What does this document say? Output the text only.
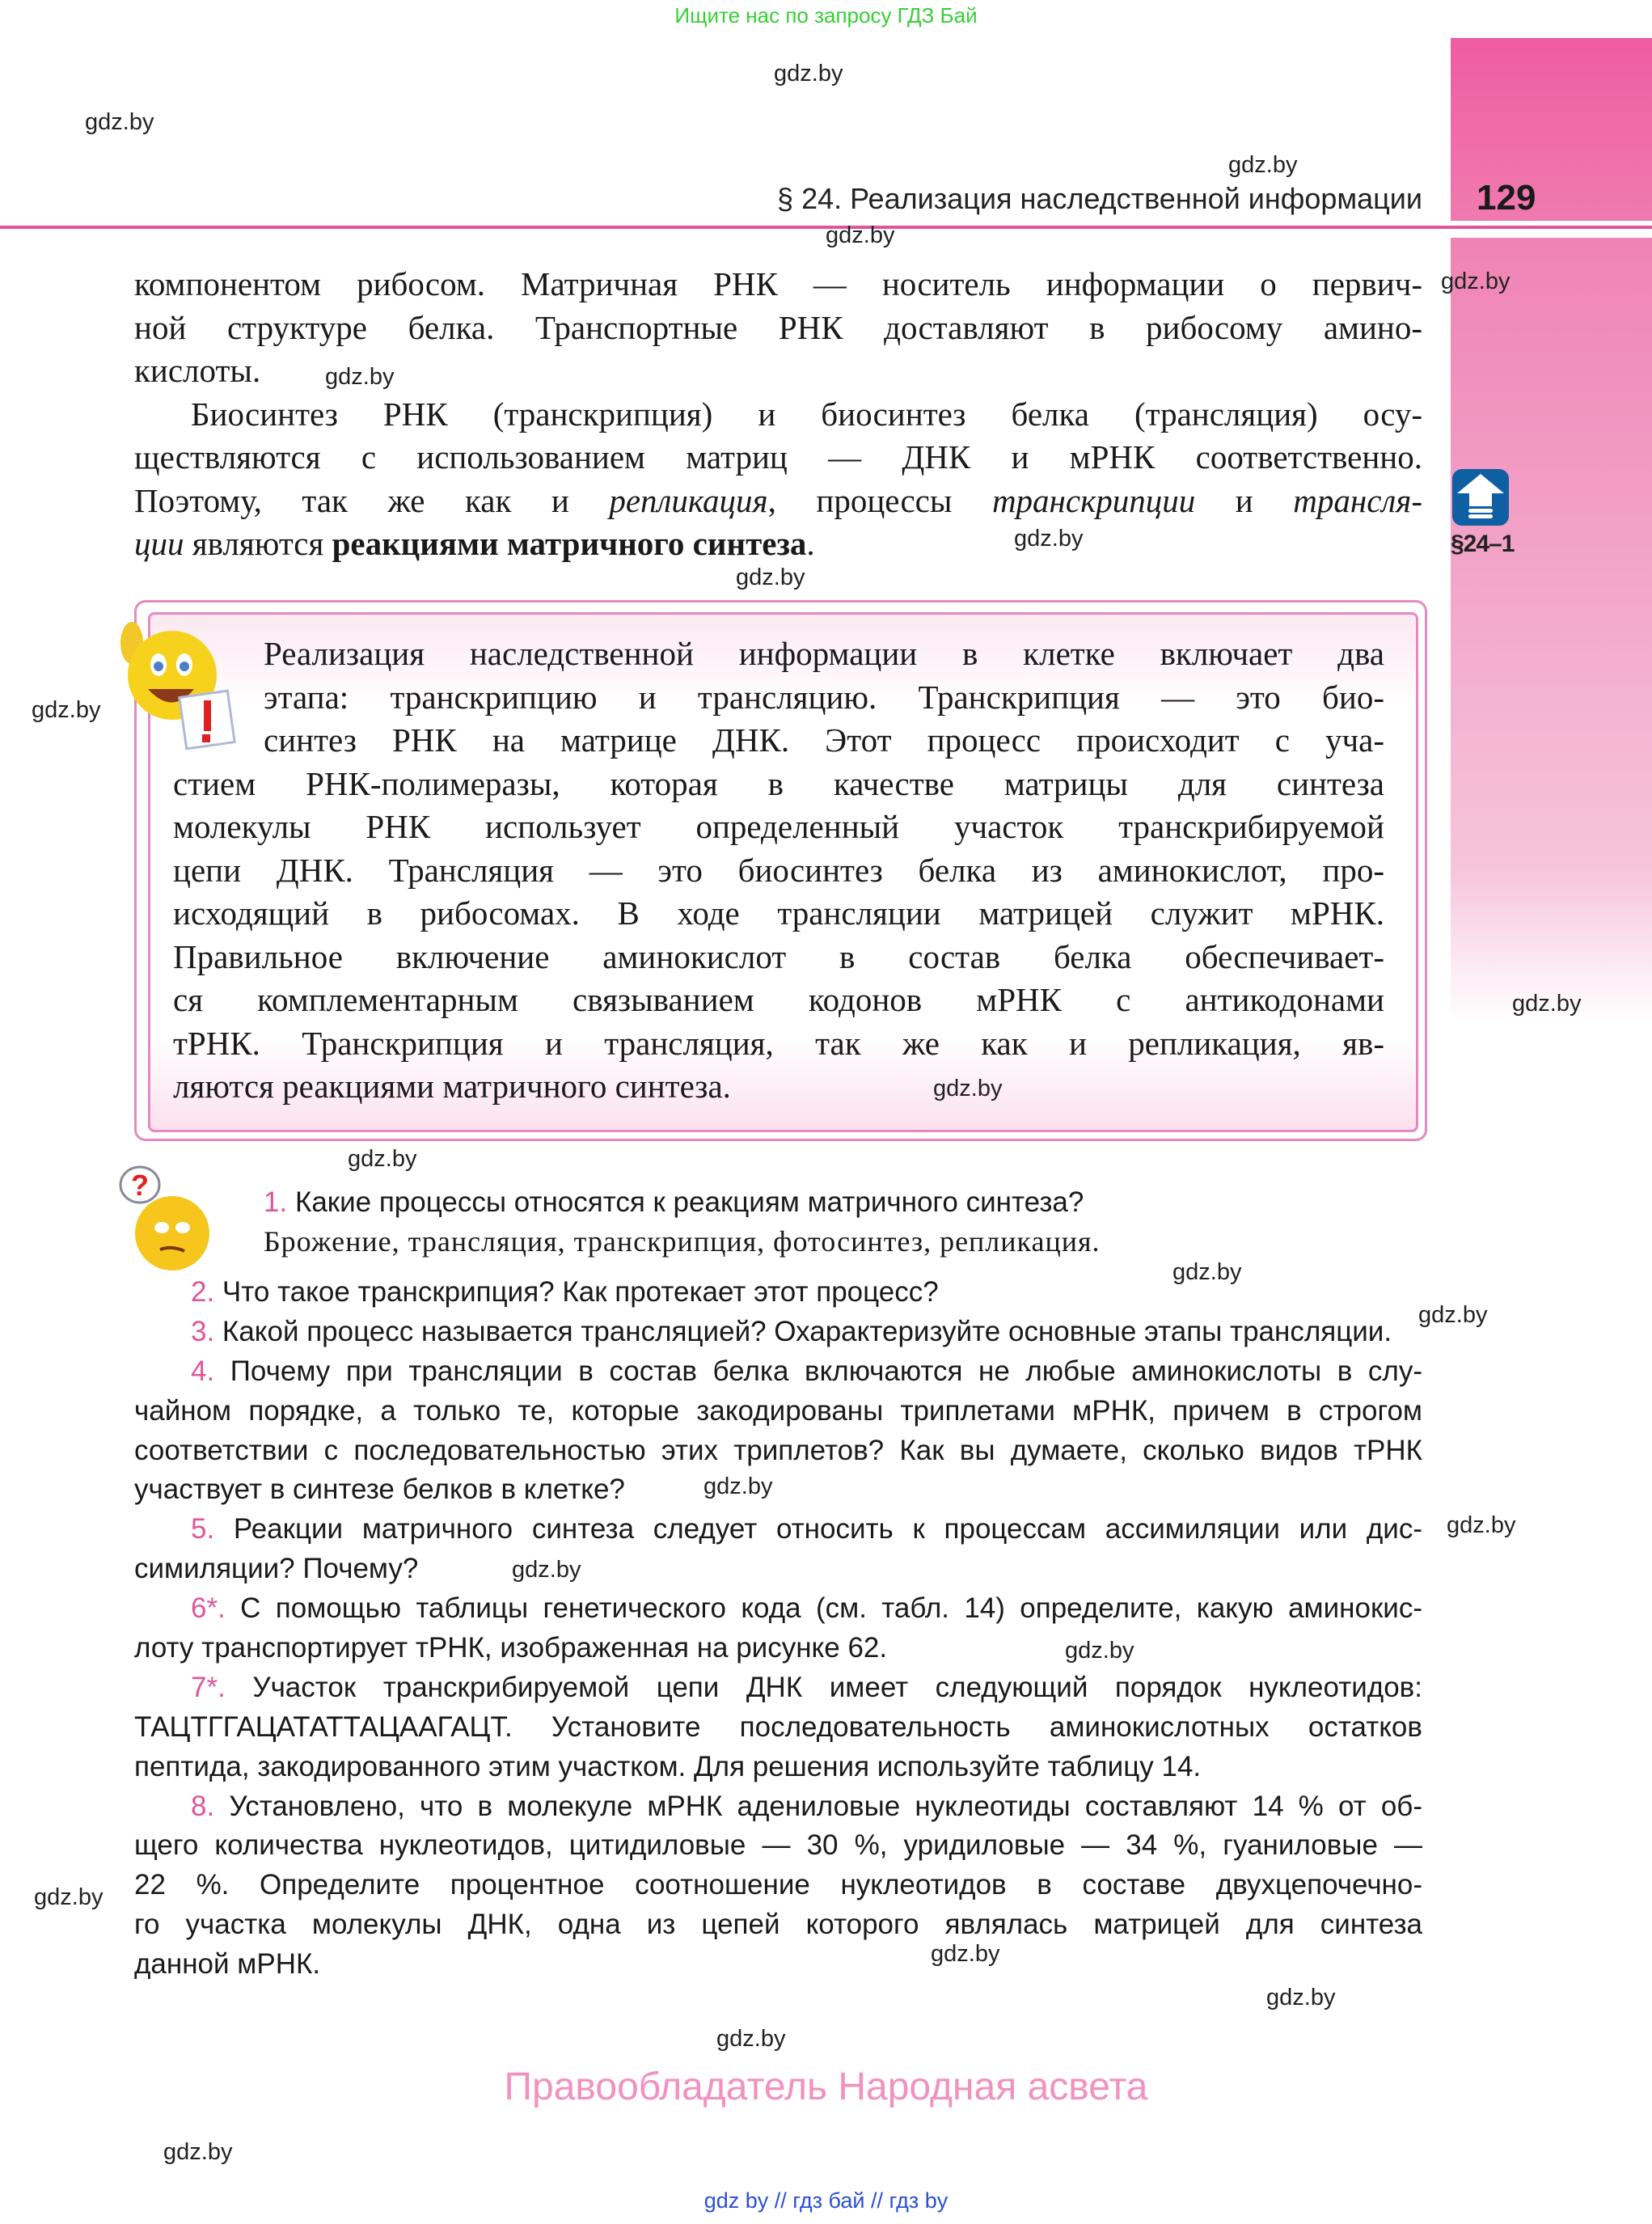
Ищите нас по запросу ГДЗ Бай
§ 24. Реализация наследственной информации 129
§24–1
компонентом рибосом. Матричная РНК — носитель информации о первич-
ной структуре белка. Транспортные РНК доставляют в рибосому амино-
кислоты.
Биосинтез РНК (транскрипция) и биосинтез белка (трансляция) осу-
ществляются с использованием матриц — ДНК и мРНК соответственно.
Поэтому, так же как и репликация, процессы транскрипции и трансля-
ции являются реакциями матричного синтеза.
Реализация наследственной информации в клетке включает два
этапа: транскрипцию и трансляцию. Транскрипция — это био-
синтез РНК на матрице ДНК. Этот процесс происходит с уча-
стием РНК-полимеразы, которая в качестве матрицы для синтеза
молекулы РНК использует определенный участок транскрибируемой
цепи ДНК. Трансляция — это биосинтез белка из аминокислот, про-
исходящий в рибосомах. В ходе трансляции матрицей служит мРНК.
Правильное включение аминокислот в состав белка обеспечивает-
ся комплементарным связыванием кодонов мРНК с антикодонами
тРНК. Транскрипция и трансляция, так же как и репликация, яв-
ляются реакциями матричного синтеза.
?
1. Какие процессы относятся к реакциям матричного синтеза?
Брожение, трансляция, транскрипция, фотосинтез, репликация.
2. Что такое транскрипция? Как протекает этот процесс?
3. Какой процесс называется трансляцией? Охарактеризуйте основные этапы трансляции.
4. Почему при трансляции в состав белка включаются не любые аминокислоты в слу-
чайном порядке, а только те, которые закодированы триплетами мРНК, причем в строгом
соответствии с последовательностью этих триплетов? Как вы думаете, сколько видов тРНК
участвует в синтезе белков в клетке?
5. Реакции матричного синтеза следует относить к процессам ассимиляции или дис-
симиляции? Почему?
6*. С помощью таблицы генетического кода (см. табл. 14) определите, какую аминокис-
лоту транспортирует тРНК, изображенная на рисунке 62.
7*. Участок транскрибируемой цепи ДНК имеет следующий порядок нуклеотидов:
ТАЦТГГАЦАТАТТАЦААГАЦТ. Установите последовательность аминокислотных остатков
пептида, закодированного этим участком. Для решения используйте таблицу 14.
8. Установлено, что в молекуле мРНК адениловые нуклеотиды составляют 14 % от об-
щего количества нуклеотидов, цитидиловые — 30 %, уридиловые — 34 %, гуаниловые —
22 %. Определите процентное соотношение нуклеотидов в составе двухцепочечно-
го участка молекулы ДНК, одна из цепей которого являлась матрицей для синтеза
данной мРНК.
Правообладатель Народная асвета
gdz by // гдз бай // гдз by
gdz.by
gdz.by
gdz.by
gdz.by
gdz.by
gdz.by
gdz.by
gdz.by
gdz.by
gdz.by
gdz.by
gdz.by
gdz.by
gdz.by
gdz.by
gdz.by
gdz.by
gdz.by
gdz.by
gdz.by
gdz.by
gdz.by
gdz.by
